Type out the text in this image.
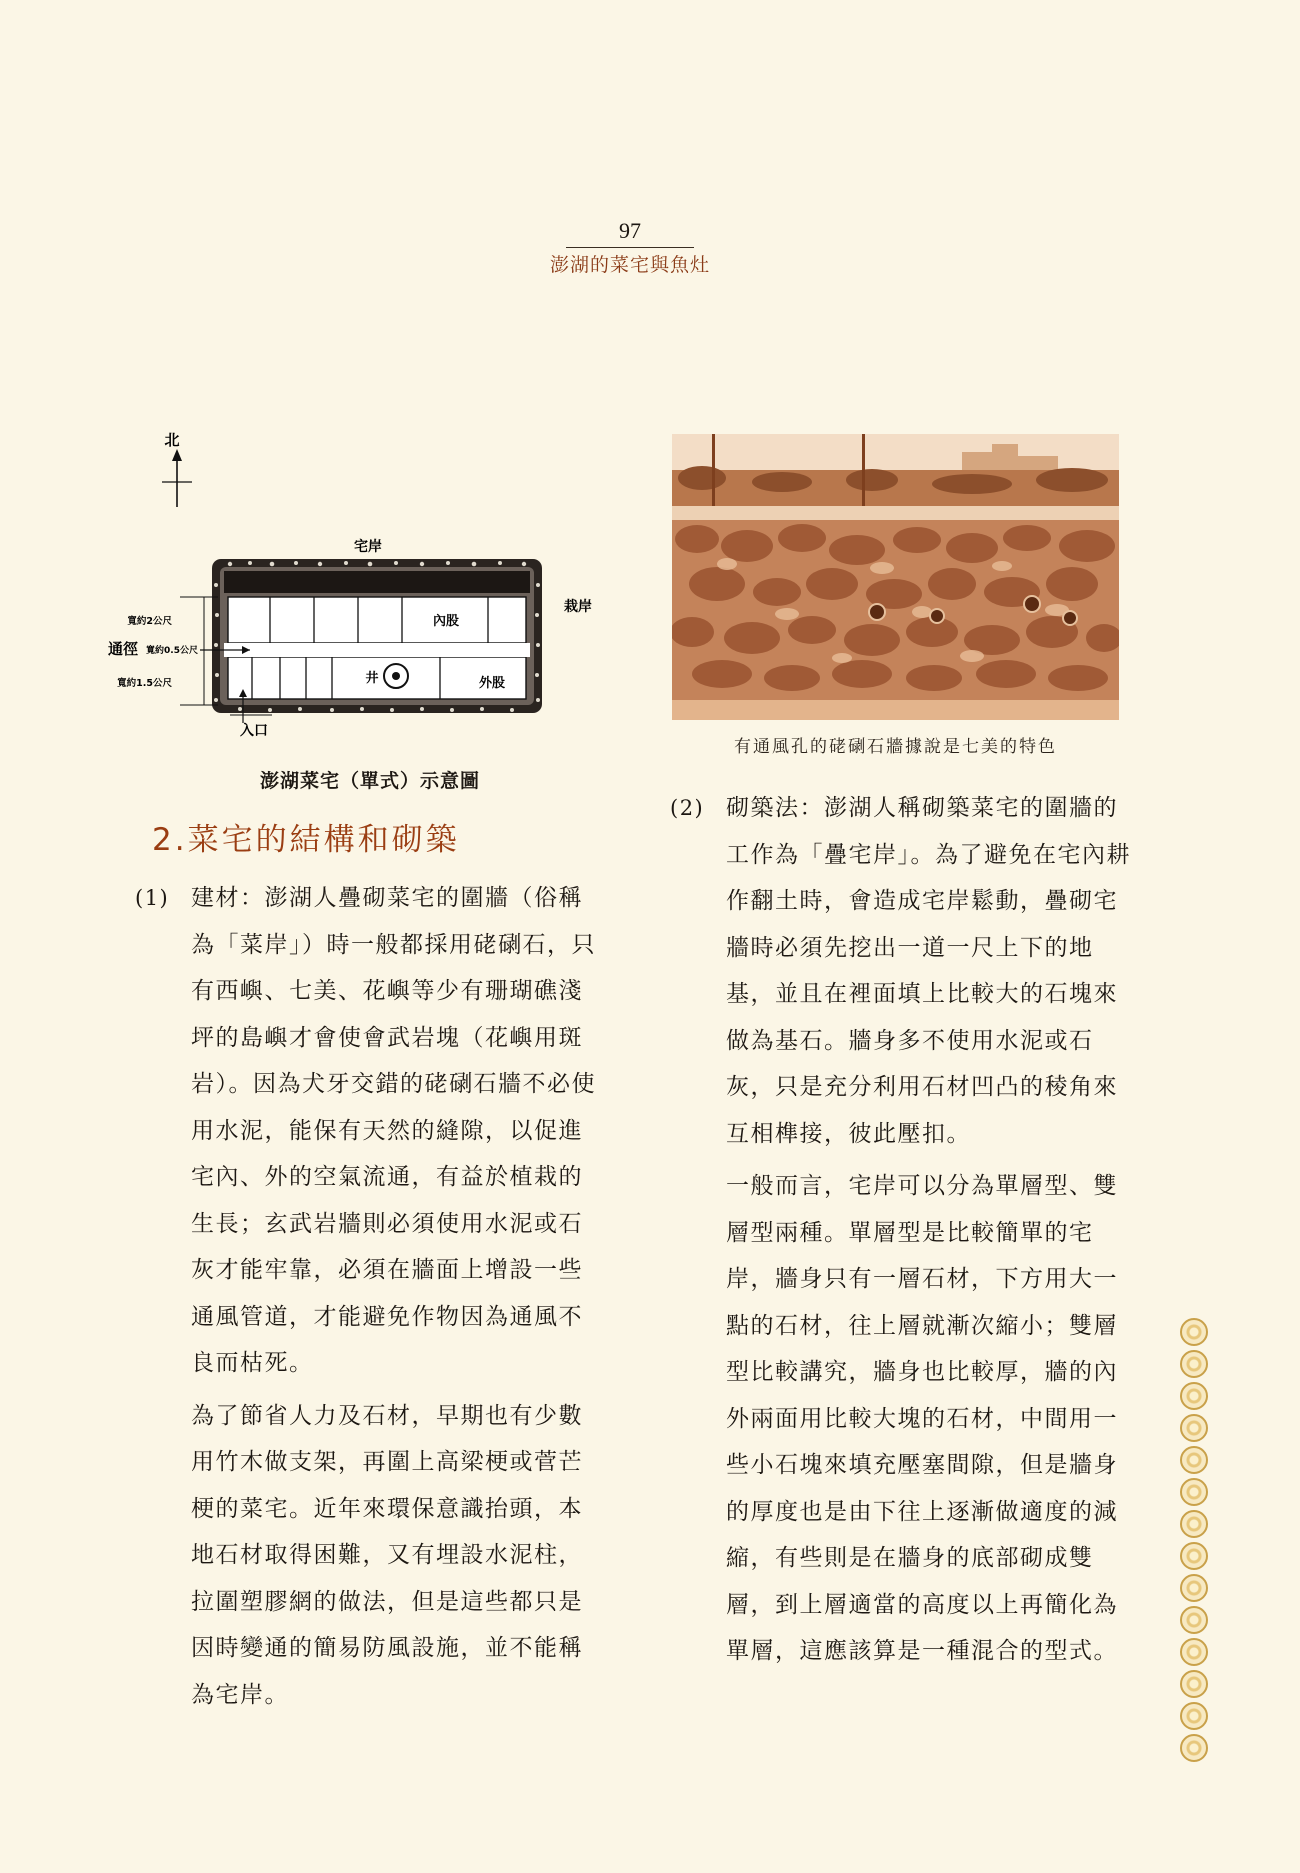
97
澎湖的菜宅與魚灶
北
宅岸
內股
外股
井
栽岸
寬約2公尺
寬約0.5公尺
通徑
寬約1.5公尺
入口
澎湖菜宅（單式）示意圖
2.菜宅的結構和砌築

(1) 建材：澎湖人疊砌菜宅的圍牆（俗稱為「菜岸」）時一般都採用硓䃗石，只有西嶼、七美、花嶼等少有珊瑚礁淺坪的島嶼才會使會武岩塊（花嶼用斑岩）。因為犬牙交錯的硓䃗石牆不必使用水泥，能保有天然的縫隙，以促進宅內、外的空氣流通，有益於植栽的生長；玄武岩牆則必須使用水泥或石灰才能牢靠，必須在牆面上增設一些通風管道，才能避免作物因為通風不良而枯死。

為了節省人力及石材，早期也有少數用竹木做支架，再圍上高梁梗或菅芒梗的菜宅。近年來環保意識抬頭，本地石材取得困難，又有埋設水泥柱，拉圍塑膠網的做法，但是這些都只是因時變通的簡易防風設施，並不能稱為宅岸。

有通風孔的硓䃗石牆據說是七美的特色

(2) 砌築法：澎湖人稱砌築菜宅的圍牆的工作為「疊宅岸」。為了避免在宅內耕作翻土時，會造成宅岸鬆動，疊砌宅牆時必須先挖出一道一尺上下的地基，並且在裡面填上比較大的石塊來做為基石。牆身多不使用水泥或石灰，只是充分利用石材凹凸的稜角來互相榫接，彼此壓扣。

一般而言，宅岸可以分為單層型、雙層型兩種。單層型是比較簡單的宅岸，牆身只有一層石材，下方用大一點的石材，往上層就漸次縮小；雙層型比較講究，牆身也比較厚，牆的內外兩面用比較大塊的石材，中間用一些小石塊來填充壓塞間隙，但是牆身的厚度也是由下往上逐漸做適度的減縮，有些則是在牆身的底部砌成雙層，到上層適當的高度以上再簡化為單層，這應該算是一種混合的型式。
